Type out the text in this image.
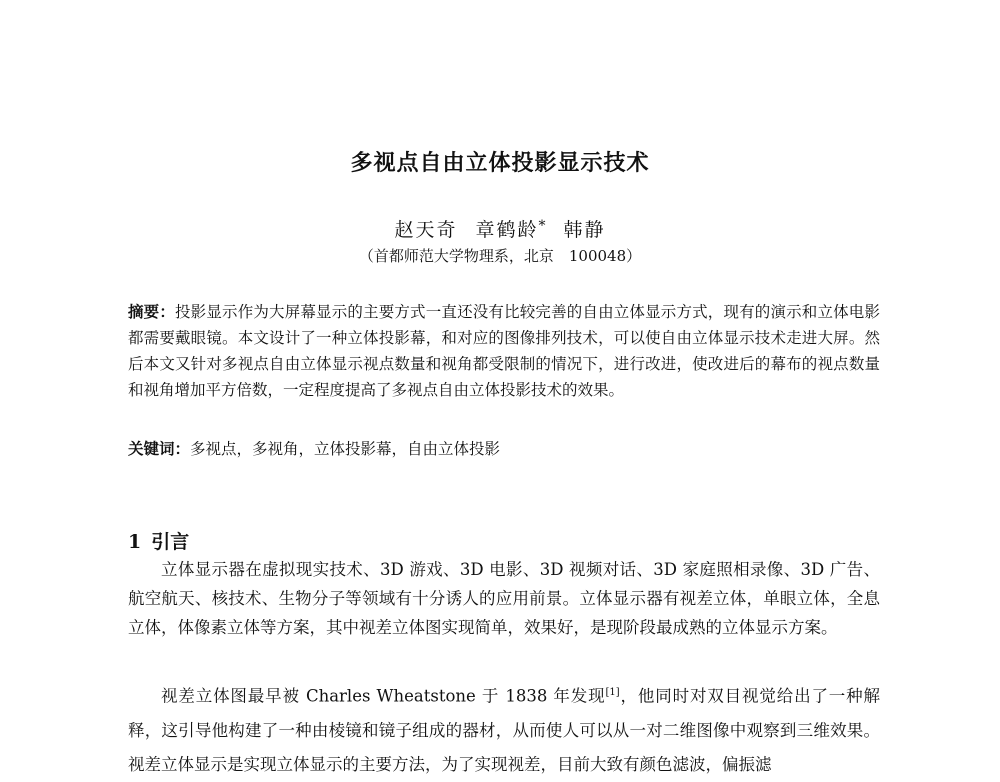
多视点自由立体投影显示技术
赵天奇 章鹤龄* 韩静
（首都师范大学物理系，北京　100048）
摘要：投影显示作为大屏幕显示的主要方式一直还没有比较完善的自由立体显示方式，现有的演示和立体电影都需要戴眼镜。本文设计了一种立体投影幕，和对应的图像排列技术，可以使自由立体显示技术走进大屏。然后本文又针对多视点自由立体显示视点数量和视角都受限制的情况下，进行改进，使改进后的幕布的视点数量和视角增加平方倍数，一定程度提高了多视点自由立体投影技术的效果。
关键词：多视点，多视角，立体投影幕，自由立体投影
1 引言
立体显示器在虚拟现实技术、3D 游戏、3D 电影、3D 视频对话、3D 家庭照相录像、3D 广告、航空航天、核技术、生物分子等领域有十分诱人的应用前景。立体显示器有视差立体，单眼立体，全息立体，体像素立体等方案，其中视差立体图实现简单，效果好，是现阶段最成熟的立体显示方案。
视差立体图最早被 Charles Wheatstone 于 1838 年发现[1]，他同时对双目视觉给出了一种解释，这引导他构建了一种由棱镜和镜子组成的器材，从而使人可以从一对二维图像中观察到三维效果。视差立体显示是实现立体显示的主要方法，为了实现视差，目前大致有颜色滤波，偏振滤
